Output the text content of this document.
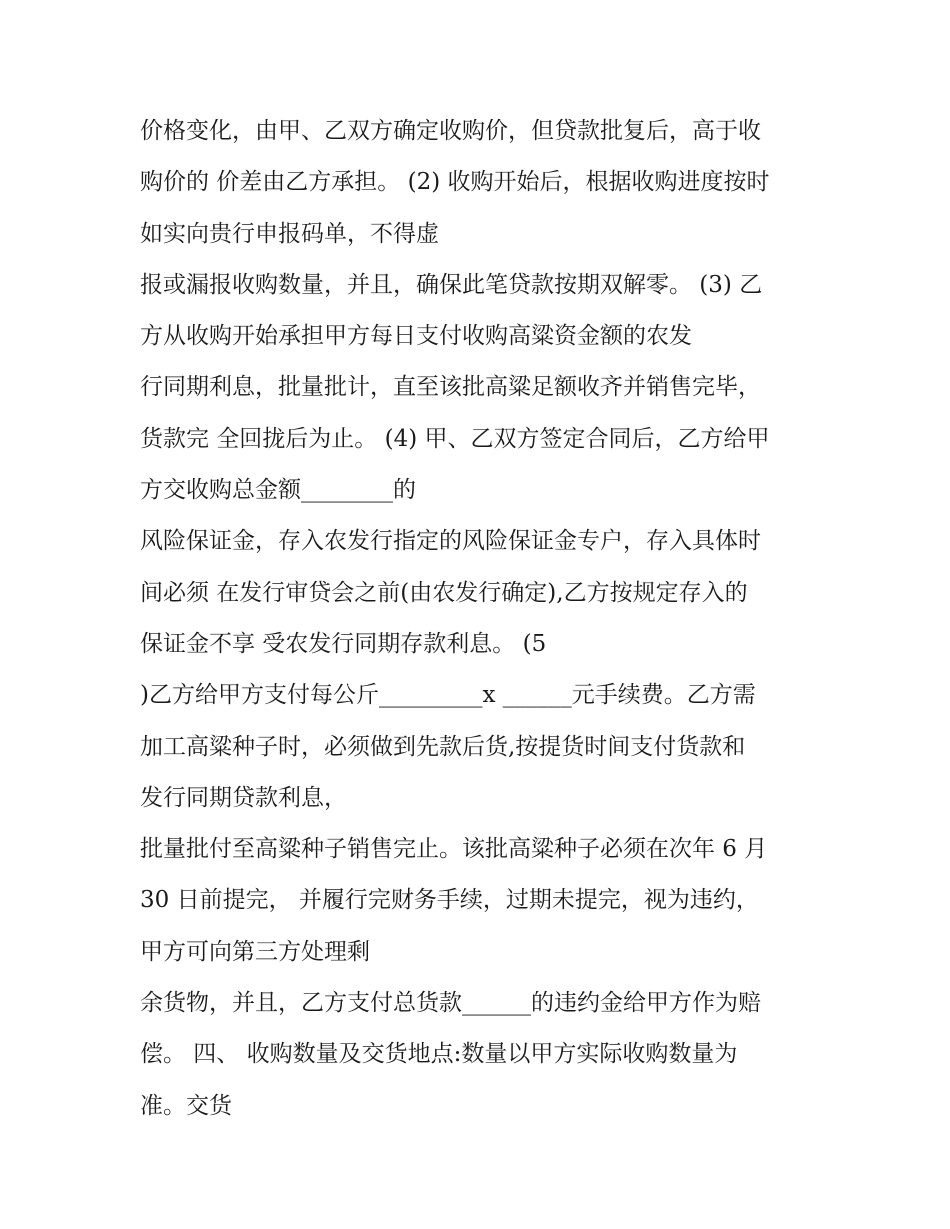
价格变化，由甲、乙双方确定收购价，但贷款批复后，高于收
购价的 价差由乙方承担。 (2) 收购开始后，根据收购进度按时
如实向贵行申报码单，不得虚
报或漏报收购数量，并且，确保此笔贷款按期双解零。 (3) 乙
方从收购开始承担甲方每日支付收购高粱资金额的农发
行同期利息，批量批计，直至该批高粱足额收齐并销售完毕，
货款完 全回拢后为止。 (4) 甲、乙双方签定合同后，乙方给甲
方交收购总金额________的
风险保证金，存入农发行指定的风险保证金专户，存入具体时
间必须 在发行审贷会之前(由农发行确定),乙方按规定存入的
保证金不享 受农发行同期存款利息。 (5
)乙方给甲方支付每公斤_________x ______元手续费。乙方需
加工高粱种子时，必须做到先款后货,按提货时间支付货款和
发行同期贷款利息，
批量批付至高粱种子销售完止。该批高粱种子必须在次年 6 月
30 日前提完， 并履行完财务手续，过期未提完，视为违约，
甲方可向第三方处理剩
余货物，并且，乙方支付总货款______的违约金给甲方作为赔
偿。 四、 收购数量及交货地点:数量以甲方实际收购数量为
准。交货
